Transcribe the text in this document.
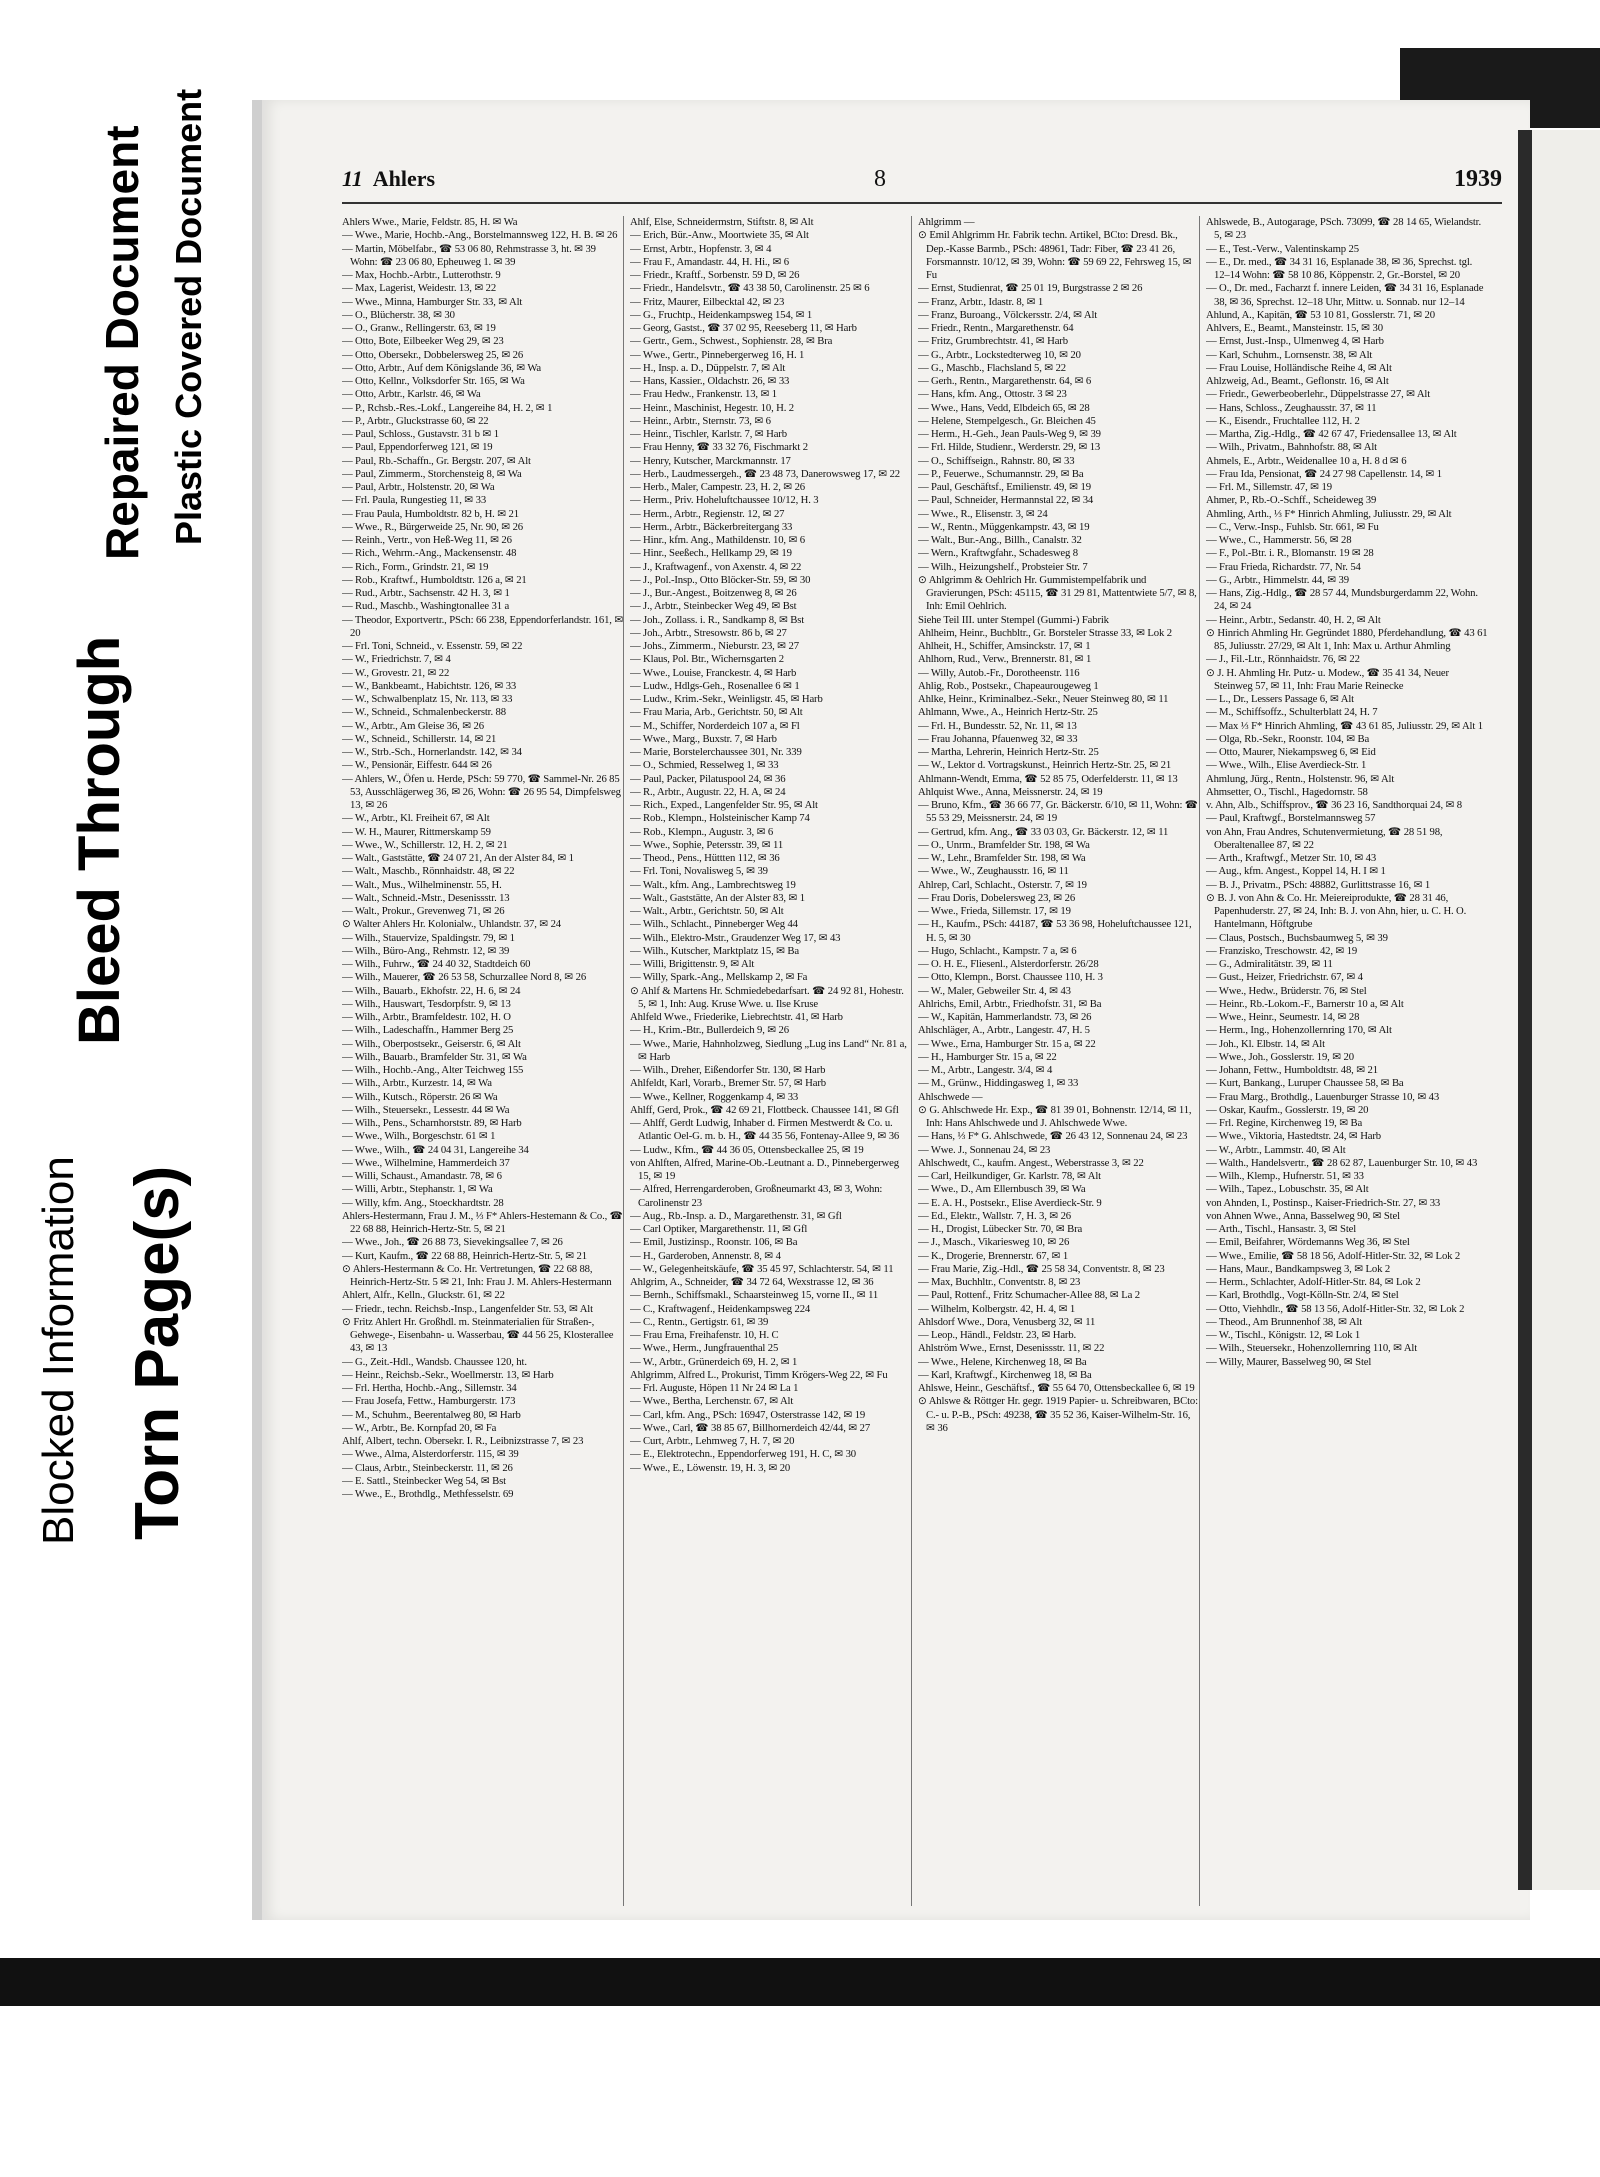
Blocked Information Torn Page(s)
Bleed Through
Repaired Document Plastic Covered Document	11 Ahlers	8	1939

Ahlers Wwe., Marie, Feldstr. 85, H. ✉ Wa

— Wwe., Marie, Hochb.-Ang., Borstelmannsweg 122, H. B. ✉ 26

— Martin, Möbelfabr., ☎ 53 06 80, Rehmstrasse 3, ht. ✉ 39 Wohn: ☎ 23 06 80, Epheuweg 1. ✉ 39

— Max, Hochb.-Arbtr., Lutterothstr. 9

— Max, Lagerist, Weidestr. 13, ✉ 22

— Wwe., Minna, Hamburger Str. 33, ✉ Alt

— O., Blücherstr. 38, ✉ 30

— O., Granw., Rellingerstr. 63, ✉ 19

— Otto, Bote, Eilbeeker Weg 29, ✉ 23

— Otto, Obersekr., Dobbelersweg 25, ✉ 26

— Otto, Arbtr., Auf dem Königslande 36, ✉ Wa

— Otto, Kellnr., Volksdorfer Str. 165, ✉ Wa

— Otto, Arbtr., Karlstr. 46, ✉ Wa

— P., Rchsb.-Res.-Lokf., Langereihe 84, H. 2, ✉ 1

— P., Arbtr., Gluckstrasse 60, ✉ 22

— Paul, Schloss., Gustavstr. 31 b ✉ 1

— Paul, Eppendorferweg 121, ✉ 19

— Paul, Rb.-Schaffn., Gr. Bergstr. 207, ✉ Alt

— Paul, Zimmerm., Storchensteig 8, ✉ Wa

— Paul, Arbtr., Holstenstr. 20, ✉ Wa

— Frl. Paula, Rungestieg 11, ✉ 33

— Frau Paula, Humboldtstr. 82 b, H. ✉ 21

— Wwe., R., Bürgerweide 25, Nr. 90, ✉ 26

— Reinh., Vertr., von Heß-Weg 11, ✉ 26

— Rich., Wehrm.-Ang., Mackensenstr. 48

— Rich., Form., Grindstr. 21, ✉ 19

— Rob., Kraftwf., Humboldtstr. 126 a, ✉ 21

— Rud., Arbtr., Sachsenstr. 42 H. 3, ✉ 1

— Rud., Maschb., Washingtonallee 31 a

— Theodor, Exportvertr., PSch: 66 238, Eppendorferlandstr. 161, ✉ 20

— Frl. Toni, Schneid., v. Essenstr. 59, ✉ 22

— W., Friedrichstr. 7, ✉ 4

— W., Grovestr. 21, ✉ 22

— W., Bankbeamt., Habichtstr. 126, ✉ 33

— W., Schwalbenplatz 15, Nr. 113, ✉ 33

— W., Schneid., Schmalenbeckerstr. 88

— W., Arbtr., Am Gleise 36, ✉ 26

— W., Schneid., Schillerstr. 14, ✉ 21

— W., Strb.-Sch., Hornerlandstr. 142, ✉ 34

— W., Pensionär, Eiffestr. 644 ✉ 26

— Ahlers, W., Öfen u. Herde, PSch: 59 770, ☎ Sammel-Nr. 26 85 53, Ausschlägerweg 36, ✉ 26, Wohn: ☎ 26 95 54, Dimpfelsweg 13, ✉ 26

— W., Arbtr., Kl. Freiheit 67, ✉ Alt

— W. H., Maurer, Rittmerskamp 59

— Wwe., W., Schillerstr. 12, H. 2, ✉ 21

— Walt., Gaststätte, ☎ 24 07 21, An der Alster 84, ✉ 1

— Walt., Maschb., Rönnhaidstr. 48, ✉ 22

— Walt., Mus., Wilhelminenstr. 55, H.

— Walt., Schneid.-Mstr., Desenissstr. 13

— Walt., Prokur., Grevenweg 71, ✉ 26

⊙ Walter Ahlers Hr. Kolonialw., Uhlandstr. 37, ✉ 24

— Wilh., Stauervize, Spaldingstr. 79, ✉ 1

— Wilh., Büro-Ang., Rehmstr. 12, ✉ 39

— Wilh., Fuhrw., ☎ 24 40 32, Stadtdeich 60

— Wilh., Mauerer, ☎ 26 53 58, Schurzallee Nord 8, ✉ 26

— Wilh., Bauarb., Ekhofstr. 22, H. 6, ✉ 24

— Wilh., Hauswart, Tesdorpfstr. 9, ✉ 13

— Wilh., Arbtr., Bramfeldestr. 102, H. O

— Wilh., Ladeschaffn., Hammer Berg 25

— Wilh., Oberpostsekr., Geiserstr. 6, ✉ Alt

— Wilh., Bauarb., Bramfelder Str. 31, ✉ Wa

— Wilh., Hochb.-Ang., Alter Teichweg 155

— Wilh., Arbtr., Kurzestr. 14, ✉ Wa

— Wilh., Kutsch., Röperstr. 26 ✉ Wa

— Wilh., Steuersekr., Lessestr. 44 ✉ Wa

— Wilh., Pens., Scharnhorststr. 89, ✉ Harb

— Wwe., Wilh., Borgeschstr. 61 ✉ 1

— Wwe., Wilh., ☎ 24 04 31, Langereihe 34

— Wwe., Wilhelmine, Hammerdeich 37

— Willi, Schaust., Amandastr. 78, ✉ 6

— Willi, Arbtr., Stephanstr. 1, ✉ Wa

— Willy, kfm. Ang., Stoeckhardtstr. 28

Ahlers-Hestermann, Frau J. M., ⅓ F* Ahlers-Hestemann & Co., ☎ 22 68 88, Heinrich-Hertz-Str. 5, ✉ 21

— Wwe., Joh., ☎ 26 88 73, Sievekingsallee 7, ✉ 26

— Kurt, Kaufm., ☎ 22 68 88, Heinrich-Hertz-Str. 5, ✉ 21

⊙ Ahlers-Hestermann & Co. Hr. Vertretungen, ☎ 22 68 88, Heinrich-Hertz-Str. 5 ✉ 21, Inh: Frau J. M. Ahlers-Hestermann

Ahlert, Alfr., Kelln., Gluckstr. 61, ✉ 22

— Friedr., techn. Reichsb.-Insp., Langenfelder Str. 53, ✉ Alt

⊙ Fritz Ahlert Hr. Großhdl. m. Steinmaterialien für Straßen-, Gehwege-, Eisenbahn- u. Wasserbau, ☎ 44 56 25, Klosterallee 43, ✉ 13

— G., Zeit.-Hdl., Wandsb. Chaussee 120, ht.

— Heinr., Reichsb.-Sekr., Woellmerstr. 13, ✉ Harb

— Frl. Hertha, Hochb.-Ang., Sillemstr. 34

— Frau Josefa, Fettw., Hamburgerstr. 173

— M., Schuhm., Beerentalweg 80, ✉ Harb

— W., Arbtr., Be. Kornpfad 20, ✉ Fa

Ahlf, Albert, techn. Obersekr. I. R., Leibnizstrasse 7, ✉ 23

— Wwe., Alma, Alsterdorferstr. 115, ✉ 39

— Claus, Arbtr., Steinbeckerstr. 11, ✉ 26

— E. Sattl., Steinbecker Weg 54, ✉ Bst

— Wwe., E., Brothdlg., Methfesselstr. 69

Ahlf, Else, Schneidermstrn, Stiftstr. 8, ✉ Alt

— Erich, Bür.-Anw., Moortwiete 35, ✉ Alt

— Ernst, Arbtr., Hopfenstr. 3, ✉ 4

— Frau F., Amandastr. 44, H. Hi., ✉ 6

— Friedr., Kraftf., Sorbenstr. 59 D, ✉ 26

— Friedr., Handelsvtr., ☎ 43 38 50, Carolinenstr. 25 ✉ 6

— Fritz, Maurer, Eilbecktal 42, ✉ 23

— G., Fruchtp., Heidenkampsweg 154, ✉ 1

— Georg, Gastst., ☎ 37 02 95, Reeseberg 11, ✉ Harb

— Gertr., Gem., Schwest., Sophienstr. 28, ✉ Bra

— Wwe., Gertr., Pinnebergerweg 16, H. 1

— H., Insp. a. D., Düppelstr. 7, ✉ Alt

— Hans, Kassier., Oldachstr. 26, ✉ 33

— Frau Hedw., Frankenstr. 13, ✉ 1

— Heinr., Maschinist, Hegestr. 10, H. 2

— Heinr., Arbtr., Sternstr. 73, ✉ 6

— Heinr., Tischler, Karlstr. 7, ✉ Harb

— Frau Henny, ☎ 33 32 76, Fischmarkt 2

— Henry, Kutscher, Marckmannstr. 17

— Herb., Laudmessergeh., ☎ 23 48 73, Danerowsweg 17, ✉ 22

— Herb., Maler, Campestr. 23, H. 2, ✉ 26

— Herm., Priv. Hoheluftchaussee 10/12, H. 3

— Herm., Arbtr., Regienstr. 12, ✉ 27

— Herm., Arbtr., Bäckerbreitergang 33

— Hinr., kfm. Ang., Mathildenstr. 10, ✉ 6

— Hinr., Seeßech., Hellkamp 29, ✉ 19

— J., Kraftwagenf., von Axenstr. 4, ✉ 22

— J., Pol.-Insp., Otto Blöcker-Str. 59, ✉ 30

— J., Bur.-Angest., Boitzenweg 8, ✉ 26

— J., Arbtr., Steinbecker Weg 49, ✉ Bst

— Joh., Zollass. i. R., Sandkamp 8, ✉ Bst

— Joh., Arbtr., Stresowstr. 86 b, ✉ 27

— Johs., Zimmerm., Nieburstr. 23, ✉ 27

— Klaus, Pol. Btr., Wichernsgarten 2

— Wwe., Louise, Franckestr. 4, ✉ Harb

— Ludw., Hdlgs-Geh., Rosenallee 6 ✉ 1

— Ludw., Krim.-Sekr., Weinligstr. 45, ✉ Harb

— Frau Maria, Arb., Gerichtstr. 50, ✉ Alt

— M., Schiffer, Norderdeich 107 a, ✉ Fl

— Wwe., Marg., Buxstr. 7, ✉ Harb

— Marie, Borstelerchaussee 301, Nr. 339

— O., Schmied, Resselweg 1, ✉ 33

— Paul, Packer, Pilatuspool 24, ✉ 36

— R., Arbtr., Augustr. 22, H. A, ✉ 24

— Rich., Exped., Langenfelder Str. 95, ✉ Alt

— Rob., Klempn., Holsteinischer Kamp 74

— Rob., Klempn., Augustr. 3, ✉ 6

— Wwe., Sophie, Petersstr. 39, ✉ 11

— Theod., Pens., Hüttten 112, ✉ 36

— Frl. Toni, Novalisweg 5, ✉ 39

— Walt., kfm. Ang., Lambrechtsweg 19

— Walt., Gaststätte, An der Alster 83, ✉ 1

— Walt., Arbtr., Gerichtstr. 50, ✉ Alt

— Wilh., Schlacht., Pinneberger Weg 44

— Wilh., Elektro-Mstr., Graudenzer Weg 17, ✉ 43

— Wilh., Kutscher, Marktplatz 15, ✉ Ba

— Willi, Brigittenstr. 9, ✉ Alt

— Willy, Spark.-Ang., Mellskamp 2, ✉ Fa

⊙ Ahlf & Martens Hr. Schmiedebedarfsart. ☎ 24 92 81, Hohestr. 5, ✉ 1, Inh: Aug. Kruse Wwe. u. Ilse Kruse

Ahlfeld Wwe., Friederike, Liebrechtstr. 41, ✉ Harb

— H., Krim.-Btr., Bullerdeich 9, ✉ 26

— Wwe., Marie, Hahnholzweg, Siedlung „Lug ins Land“ Nr. 81 a, ✉ Harb

— Wilh., Dreher, Eißendorfer Str. 130, ✉ Harb

Ahlfeldt, Karl, Vorarb., Bremer Str. 57, ✉ Harb

— Wwe., Kellner, Roggenkamp 4, ✉ 33

Ahlff, Gerd, Prok., ☎ 42 69 21, Flottbeck. Chaussee 141, ✉ Gfl

— Ahlff, Gerdt Ludwig, Inhaber d. Firmen Mestwerdt & Co. u. Atlantic Oel-G. m. b. H., ☎ 44 35 56, Fontenay-Allee 9, ✉ 36

— Ludw., Kfm., ☎ 44 36 05, Ottensbeckallee 25, ✉ 19

von Ahlften, Alfred, Marine-Ob.-Leutnant a. D., Pinnebergerweg 15, ✉ 19

— Alfred, Herrengarderoben, Großneumarkt 43, ✉ 3, Wohn: Carolinenstr 23

— Aug., Rb.-Insp. a. D., Margarethenstr. 31, ✉ Gfl

— Carl Optiker, Margarethenstr. 11, ✉ Gfl

— Emil, Justizinsp., Roonstr. 106, ✉ Ba

— H., Garderoben, Annenstr. 8, ✉ 4

— W., Gelegenheitskäufe, ☎ 35 45 97, Schlachterstr. 54, ✉ 11

Ahlgrim, A., Schneider, ☎ 34 72 64, Wexstrasse 12, ✉ 36

— Bernh., Schiffsmakl., Schaarsteinweg 15, vorne II., ✉ 11

— C., Kraftwagenf., Heidenkampsweg 224

— C., Rentn., Gertigstr. 61, ✉ 39

— Frau Erna, Freihafenstr. 10, H. C

— Wwe., Herm., Jungfrauenthal 25

— W., Arbtr., Grünerdeich 69, H. 2, ✉ 1

Ahlgrimm, Alfred L., Prokurist, Timm Krögers-Weg 22, ✉ Fu

— Frl. Auguste, Höpen 11 Nr 24 ✉ La 1

— Wwe., Bertha, Lerchenstr. 67, ✉ Alt

— Carl, kfm. Ang., PSch: 16947, Osterstrasse 142, ✉ 19

— Wwe., Carl, ☎ 38 85 67, Billhornerdeich 42/44, ✉ 27

— Curt, Arbtr., Lehmweg 7, H. 7, ✉ 20

— E., Elektrotechn., Eppendorferweg 191, H. C, ✉ 30

— Wwe., E., Löwenstr. 19, H. 3, ✉ 20

Ahlgrimm —

⊙ Emil Ahlgrimm Hr. Fabrik techn. Artikel, BCto: Dresd. Bk., Dep.-Kasse Barmb., PSch: 48961, Tadr: Fiber, ☎ 23 41 26, Forsmannstr. 10/12, ✉ 39, Wohn: ☎ 59 69 22, Fehrsweg 15, ✉ Fu

— Ernst, Studienrat, ☎ 25 01 19, Burgstrasse 2 ✉ 26

— Franz, Arbtr., Idastr. 8, ✉ 1

— Franz, Buroang., Völckersstr. 2/4, ✉ Alt

— Friedr., Rentn., Margarethenstr. 64

— Fritz, Grumbrechtstr. 41, ✉ Harb

— G., Arbtr., Lockstedterweg 10, ✉ 20

— G., Maschb., Flachsland 5, ✉ 22

— Gerh., Rentn., Margarethenstr. 64, ✉ 6

— Hans, kfm. Ang., Ottostr. 3 ✉ 23

— Wwe., Hans, Vedd, Elbdeich 65, ✉ 28

— Helene, Stempelgesch., Gr. Bleichen 45

— Herm., H.-Geh., Jean Pauls-Weg 9, ✉ 39

— Frl. Hilde, Studienr., Werderstr. 29, ✉ 13

— O., Schiffseign., Rahnstr. 80, ✉ 33

— P., Feuerwe., Schumannstr. 29, ✉ Ba

— Paul, Geschäftsf., Emilienstr. 49, ✉ 19

— Paul, Schneider, Hermannstal 22, ✉ 34

— Wwe., R., Elisenstr. 3, ✉ 24

— W., Rentn., Müggenkampstr. 43, ✉ 19

— Walt., Bur.-Ang., Billh., Canalstr. 32

— Wern., Kraftwgfahr., Schadesweg 8

— Wilh., Heizungshelf., Probsteier Str. 7

⊙ Ahlgrimm & Oehlrich Hr. Gummistempelfabrik und Gravierungen, PSch: 45115, ☎ 31 29 81, Mattentwiete 5/7, ✉ 8, Inh: Emil Oehlrich.

Siehe Teil III. unter Stempel (Gummi-) Fabrik

Ahlheim, Heinr., Buchbltr., Gr. Borsteler Strasse 33, ✉ Lok 2

Ahlheit, H., Schiffer, Amsinckstr. 17, ✉ 1

Ahlhorn, Rud., Verw., Brennerstr. 81, ✉ 1

— Willy, Autob.-Fr., Dorotheenstr. 116

Ahlig, Rob., Postsekr., Chapeaurougeweg 1

Ahlke, Heinr., Kriminalbez.-Sekr., Neuer Steinweg 80, ✉ 11

Ahlmann, Wwe., A., Heinrich Hertz-Str. 25

— Frl. H., Bundesstr. 52, Nr. 11, ✉ 13

— Frau Johanna, Pfauenweg 32, ✉ 33

— Martha, Lehrerin, Heinrich Hertz-Str. 25

— W., Lektor d. Vortragskunst., Heinrich Hertz-Str. 25, ✉ 21

Ahlmann-Wendt, Emma, ☎ 52 85 75, Oderfelderstr. 11, ✉ 13

Ahlquist Wwe., Anna, Meissnerstr. 24, ✉ 19

— Bruno, Kfm., ☎ 36 66 77, Gr. Bäckerstr. 6/10, ✉ 11, Wohn: ☎ 55 53 29, Meissnerstr. 24, ✉ 19

— Gertrud, kfm. Ang., ☎ 33 03 03, Gr. Bäckerstr. 12, ✉ 11

— O., Unrm., Bramfelder Str. 198, ✉ Wa

— W., Lehr., Bramfelder Str. 198, ✉ Wa

— Wwe., W., Zeughausstr. 16, ✉ 11

Ahlrep, Carl, Schlacht., Osterstr. 7, ✉ 19

— Frau Doris, Dobelersweg 23, ✉ 26

— Wwe., Frieda, Sillemstr. 17, ✉ 19

— H., Kaufm., PSch: 44187, ☎ 53 36 98, Hoheluftchaussee 121, H. 5, ✉ 30

— Hugo, Schlacht., Kampstr. 7 a, ✉ 6

— O. H. E., Fliesenl., Alsterdorferstr. 26/28

— Otto, Klempn., Borst. Chaussee 110, H. 3

— W., Maler, Gebweiler Str. 4, ✉ 43

Ahlrichs, Emil, Arbtr., Friedhofstr. 31, ✉ Ba

— W., Kapitän, Hammerlandstr. 73, ✉ 26

Ahlschläger, A., Arbtr., Langestr. 47, H. 5

— Wwe., Erna, Hamburger Str. 15 a, ✉ 22

— H., Hamburger Str. 15 a, ✉ 22

— M., Arbtr., Langestr. 3/4, ✉ 4

— M., Grünw., Hiddingasweg 1, ✉ 33

Ahlschwede —

⊙ G. Ahlschwede Hr. Exp., ☎ 81 39 01, Bohnenstr. 12/14, ✉ 11, Inh: Hans Ahlschwede und J. Ahlschwede Wwe.

— Hans, ⅓ F* G. Ahlschwede, ☎ 26 43 12, Sonnenau 24, ✉ 23

— Wwe. J., Sonnenau 24, ✉ 23

Ahlschwedt, C., kaufm. Angest., Weberstrasse 3, ✉ 22

— Carl, Heilkundiger, Gr. Karlstr. 78, ✉ Alt

— Wwe., D., Am Ellernbusch 39, ✉ Wa

— E. A. H., Postsekr., Elise Averdieck-Str. 9

— Ed., Elektr., Wallstr. 7, H. 3, ✉ 26

— H., Drogist, Lübecker Str. 70, ✉ Bra

— J., Masch., Vikariesweg 10, ✉ 26

— K., Drogerie, Brennerstr. 67, ✉ 1

— Frau Marie, Zig.-Hdl., ☎ 25 58 34, Conventstr. 8, ✉ 23

— Max, Buchhltr., Conventstr. 8, ✉ 23

— Paul, Rottenf., Fritz Schumacher-Allee 88, ✉ La 2

— Wilhelm, Kolbergstr. 42, H. 4, ✉ 1

Ahlsdorf Wwe., Dora, Venusberg 32, ✉ 11

— Leop., Händl., Feldstr. 23, ✉ Harb.

Ahlström Wwe., Ernst, Desenissstr. 11, ✉ 22

— Wwe., Helene, Kirchenweg 18, ✉ Ba

— Karl, Kraftwgf., Kirchenweg 18, ✉ Ba

Ahlswe, Heinr., Geschäftsf., ☎ 55 64 70, Ottensbeckallee 6, ✉ 19

⊙ Ahlswe & Röttger Hr. gegr. 1919 Papier- u. Schreibwaren, BCto: C.- u. P.-B., PSch: 49238, ☎ 35 52 36, Kaiser-Wilhelm-Str. 16, ✉ 36

Ahlswede, B., Autogarage, PSch. 73099, ☎ 28 14 65, Wielandstr. 5, ✉ 23

— E., Test.-Verw., Valentinskamp 25

— E., Dr. med., ☎ 34 31 16, Esplanade 38, ✉ 36, Sprechst. tgl. 12–14 Wohn: ☎ 58 10 86, Köppenstr. 2, Gr.-Borstel, ✉ 20

— O., Dr. med., Facharzt f. innere Leiden, ☎ 34 31 16, Esplanade 38, ✉ 36, Sprechst. 12–18 Uhr, Mittw. u. Sonnab. nur 12–14

Ahlund, A., Kapitän, ☎ 53 10 81, Gosslerstr. 71, ✉ 20

Ahlvers, E., Beamt., Mansteinstr. 15, ✉ 30

— Ernst, Just.-Insp., Ulmenweg 4, ✉ Harb

— Karl, Schuhm., Lornsenstr. 38, ✉ Alt

— Frau Louise, Holländische Reihe 4, ✉ Alt

Ahlzweig, Ad., Beamt., Geflonstr. 16, ✉ Alt

— Friedr., Gewerbeoberlehr., Düppelstrasse 27, ✉ Alt

— Hans, Schloss., Zeughausstr. 37, ✉ 11

— K., Eisendr., Fruchtallee 112, H. 2

— Martha, Zig.-Hdlg., ☎ 42 67 47, Friedensallee 13, ✉ Alt

— Wilh., Privatm., Bahnhofstr. 88, ✉ Alt

Ahmels, E., Arbtr., Weidenallee 10 a, H. 8 d ✉ 6

— Frau Ida, Pensionat, ☎ 24 27 98 Capellenstr. 14, ✉ 1

— Frl. M., Sillemstr. 47, ✉ 19

Ahmer, P., Rb.-O.-Schff., Scheideweg 39

Ahmling, Arth., ⅓ F* Hinrich Ahmling, Juliusstr. 29, ✉ Alt

— C., Verw.-Insp., Fuhlsb. Str. 661, ✉ Fu

— Wwe., C., Hammerstr. 56, ✉ 28

— F., Pol.-Btr. i. R., Blomanstr. 19 ✉ 28

— Frau Frieda, Richardstr. 77, Nr. 54

— G., Arbtr., Himmelstr. 44, ✉ 39

— Hans, Zig.-Hdlg., ☎ 28 57 44, Mundsburgerdamm 22, Wohn. 24, ✉ 24

— Heinr., Arbtr., Sedanstr. 40, H. 2, ✉ Alt

⊙ Hinrich Ahmling Hr. Gegründet 1880, Pferdehandlung, ☎ 43 61 85, Juliusstr. 27/29, ✉ Alt 1, Inh: Max u. Arthur Ahmling

— J., Fil.-Ltr., Rönnhaidstr. 76, ✉ 22

⊙ J. H. Ahmling Hr. Putz- u. Modew., ☎ 35 41 34, Neuer Steinweg 57, ✉ 11, Inh: Frau Marie Reinecke

— L., Dr., Lessers Passage 6, ✉ Alt

— M., Schiffsoffz., Schulterblatt 24, H. 7

— Max ⅓ F* Hinrich Ahmling, ☎ 43 61 85, Juliusstr. 29, ✉ Alt 1

— Olga, Rb.-Sekr., Roonstr. 104, ✉ Ba

— Otto, Maurer, Niekampsweg 6, ✉ Eid

— Wwe., Wilh., Elise Averdieck-Str. 1

Ahmlung, Jürg., Rentn., Holstenstr. 96, ✉ Alt

Ahmsetter, O., Tischl., Hagedornstr. 58

v. Ahn, Alb., Schiffsprov., ☎ 36 23 16, Sandthorquai 24, ✉ 8

— Paul, Kraftwgf., Borstelmannsweg 57

von Ahn, Frau Andres, Schutenvermietung, ☎ 28 51 98, Oberaltenallee 87, ✉ 22

— Arth., Kraftwgf., Metzer Str. 10, ✉ 43

— Aug., kfm. Angest., Koppel 14, H. I ✉ 1

— B. J., Privatm., PSch: 48882, Gurlittstrasse 16, ✉ 1

⊙ B. J. von Ahn & Co. Hr. Meiereiprodukte, ☎ 28 31 46, Papenhuderstr. 27, ✉ 24, Inh: B. J. von Ahn, hier, u. C. H. O. Hantelmann, Höftgrube

— Claus, Postsch., Buchsbaumweg 5, ✉ 39

— Franzisko, Treschowstr. 42, ✉ 19

— G., Admiralitätstr. 39, ✉ 11

— Gust., Heizer, Friedrichstr. 67, ✉ 4

— Wwe., Hedw., Brüderstr. 76, ✉ Stel

— Heinr., Rb.-Lokom.-F., Barnerstr 10 a, ✉ Alt

— Wwe., Heinr., Seumestr. 14, ✉ 28

— Herm., Ing., Hohenzollernring 170, ✉ Alt

— Joh., Kl. Elbstr. 14, ✉ Alt

— Wwe., Joh., Gosslerstr. 19, ✉ 20

— Johann, Fettw., Humboldtstr. 48, ✉ 21

— Kurt, Bankang., Luruper Chaussee 58, ✉ Ba

— Frau Marg., Brothdlg., Lauenburger Strasse 10, ✉ 43

— Oskar, Kaufm., Gosslerstr. 19, ✉ 20

— Frl. Regine, Kirchenweg 19, ✉ Ba

— Wwe., Viktoria, Hastedtstr. 24, ✉ Harb

— W., Arbtr., Lammstr. 40, ✉ Alt

— Walth., Handelsvertr., ☎ 28 62 87, Lauenburger Str. 10, ✉ 43

— Wilh., Klemp., Hufnerstr. 51, ✉ 33

— Wilh., Tapez., Lobuschstr. 35, ✉ Alt

von Ahnden, I., Postinsp., Kaiser-Friedrich-Str. 27, ✉ 33

von Ahnen Wwe., Anna, Basselweg 90, ✉ Stel

— Arth., Tischl., Hansastr. 3, ✉ Stel

— Emil, Beifahrer, Wördemanns Weg 36, ✉ Stel

— Wwe., Emilie, ☎ 58 18 56, Adolf-Hitler-Str. 32, ✉ Lok 2

— Hans, Maur., Bandkampsweg 3, ✉ Lok 2

— Herm., Schlachter, Adolf-Hitler-Str. 84, ✉ Lok 2

— Karl, Brothdlg., Vogt-Kölln-Str. 2/4, ✉ Stel

— Otto, Viehhdlr., ☎ 58 13 56, Adolf-Hitler-Str. 32, ✉ Lok 2

— Theod., Am Brunnenhof 38, ✉ Alt

— W., Tischl., Königstr. 12, ✉ Lok 1

— Wilh., Steuersekr., Hohenzollernring 110, ✉ Alt

— Willy, Maurer, Basselweg 90, ✉ Stel
